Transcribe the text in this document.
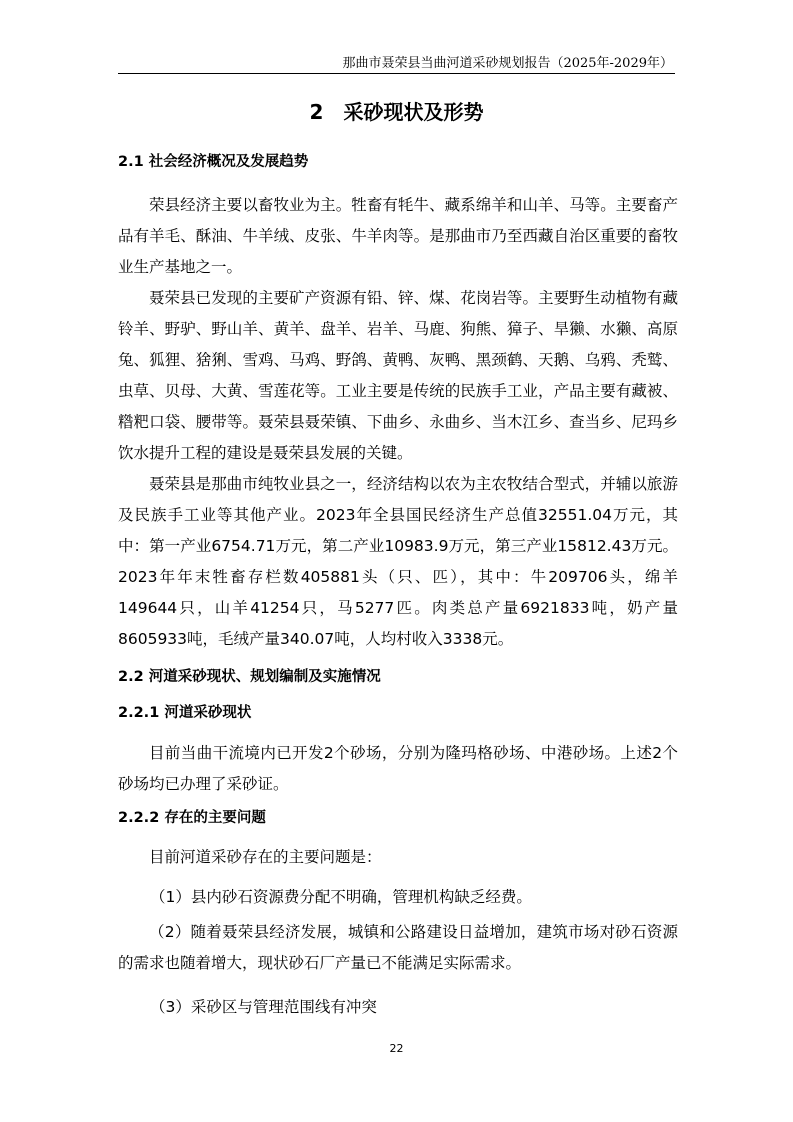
那曲市聂荣县当曲河道采砂规划报告（2025年-2029年）
2　采砂现状及形势
2.1 社会经济概况及发展趋势

荣县经济主要以畜牧业为主。牲畜有牦牛、藏系绵羊和山羊、马等。主要畜产品有羊毛、酥油、牛羊绒、皮张、牛羊肉等。是那曲市乃至西藏自治区重要的畜牧业生产基地之一。

聂荣县已发现的主要矿产资源有铅、锌、煤、花岗岩等。主要野生动植物有藏铃羊、野驴、野山羊、黄羊、盘羊、岩羊、马鹿、狗熊、獐子、旱獭、水獭、高原兔、狐狸、猞猁、雪鸡、马鸡、野鸽、黄鸭、灰鸭、黑颈鹤、天鹅、乌鸦、秃鹫、虫草、贝母、大黄、雪莲花等。工业主要是传统的民族手工业，产品主要有藏被、糌粑口袋、腰带等。聂荣县聂荣镇、下曲乡、永曲乡、当木江乡、查当乡、尼玛乡饮水提升工程的建设是聂荣县发展的关键。

聂荣县是那曲市纯牧业县之一，经济结构以农为主农牧结合型式，并辅以旅游及民族手工业等其他产业。2023年全县国民经济生产总值32551.04万元，其中：第一产业6754.71万元，第二产业10983.9万元，第三产业15812.43万元。2023年年末牲畜存栏数405881头（只、匹），其中：牛209706头，绵羊149644只，山羊41254只，马5277匹。肉类总产量6921833吨，奶产量8605933吨，毛绒产量340.07吨，人均村收入3338元。

2.2 河道采砂现状、规划编制及实施情况
2.2.1 河道采砂现状

目前当曲干流境内已开发2个砂场，分别为隆玛格砂场、中港砂场。上述2个砂场均已办理了采砂证。

2.2.2 存在的主要问题

目前河道采砂存在的主要问题是：

（1）县内砂石资源费分配不明确，管理机构缺乏经费。

（2）随着聂荣县经济发展，城镇和公路建设日益增加，建筑市场对砂石资源的需求也随着增大，现状砂石厂产量已不能满足实际需求。

（3）采砂区与管理范围线有冲突
22
